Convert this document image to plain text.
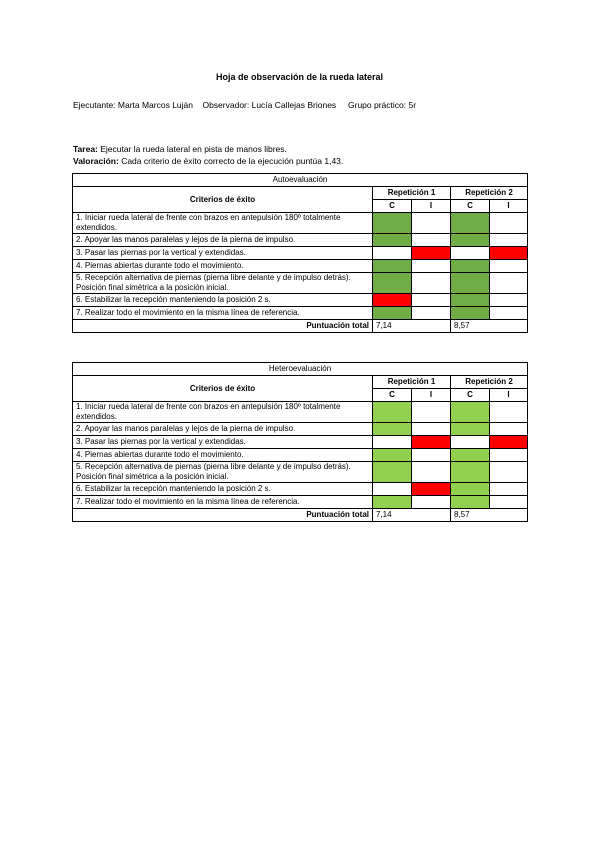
Hoja de observación de la rueda lateral
Ejecutante: Marta Marcos Luján Observador: Lucía Callejas Briones Grupo práctico: 5r
Tarea: Ejecutar la rueda lateral en pista de manos libres.
Valoración: Cada criterio de éxito correcto de la ejecución puntúa 1,43.
Autoevaluación				
Criterios de éxito	Repetición 1		Repetición 2	
	C	I	C	I
1. Iniciar rueda lateral de frente con brazos en antepulsión 180º totalmente extendidos.				
2. Apoyar las manos paralelas y lejos de la pierna de impulso.				
3. Pasar las piernas por la vertical y extendidas.				
4. Piernas abiertas durante todo el movimiento.				
5. Recepción alternativa de piernas (pierna libre delante y de impulso detrás). Posición final simétrica a la posición inicial.				
6. Estabilizar la recepción manteniendo la posición 2 s.				
7. Realizar todo el movimiento en la misma línea de referencia.				
Puntuación total	7,14		8,57	
Heteroevaluación				
Criterios de éxito	Repetición 1		Repetición 2	
	C	I	C	I
1. Iniciar rueda lateral de frente con brazos en antepulsión 180º totalmente extendidos.				
2. Apoyar las manos paralelas y lejos de la pierna de impulso.				
3. Pasar las piernas por la vertical y extendidas.				
4. Piernas abiertas durante todo el movimiento.				
5. Recepción alternativa de piernas (pierna libre delante y de impulso detrás). Posición final simétrica a la posición inicial.				
6. Estabilizar la recepción manteniendo la posición 2 s.				
7. Realizar todo el movimiento en la misma línea de referencia.				
Puntuación total	7,14		8,57	
